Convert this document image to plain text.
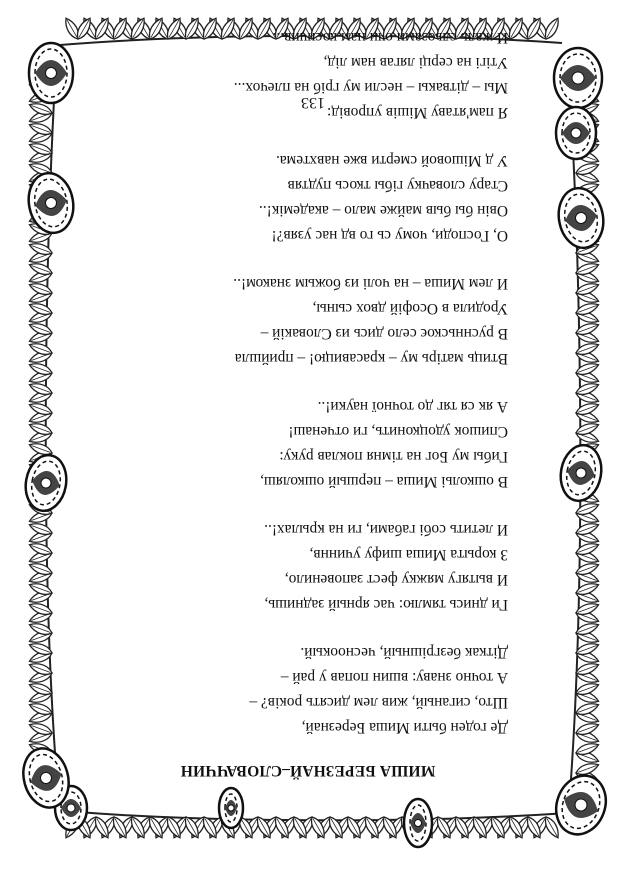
МИША БЕРЕЗНАЙ–СЛОВАЧЧИН
Де годен быти Миша Березнай,
Што, сиганый, жив лем дисять рокiв? –
А точно знаву: вшин попав у рай –
Дiткак безгрiшный, чесноокый.
Ги днись тямлю: час ярный заднишь,
И вытягу мяжку фест заповенило,
З корыта Миша шифу учиннв,
И летить собi габами, ги на крылах!..
В ошкольi Миша – першый ошколяш,
Гибы му Бог на тiмня поклав руку:
Спишок удоцконить, ги отченаш!
А як ся тяг до точної науки!..
Втиць матiрь му – красавицю! – прийшла
В руснньскоє село дись из Словакiй –
Уродила в Ософiй двох сыны,
И лем Миша – на чолi из божым знаком!..
О, Господи, чому сь го вд нас узяв?!
Овiн бы быв майже мало – академiк!..
Стару словачку гiбы ткось пудтяв
У д Мiшовой смерти вже навхтема.
Я пам'ятаву Мiшiв упровiд:
Мы – дiтвакы – несли му грiб на плечох...
Утiгi на серцi лягав нам лiд,
И жаль сльозами очи нам косичив...
133
